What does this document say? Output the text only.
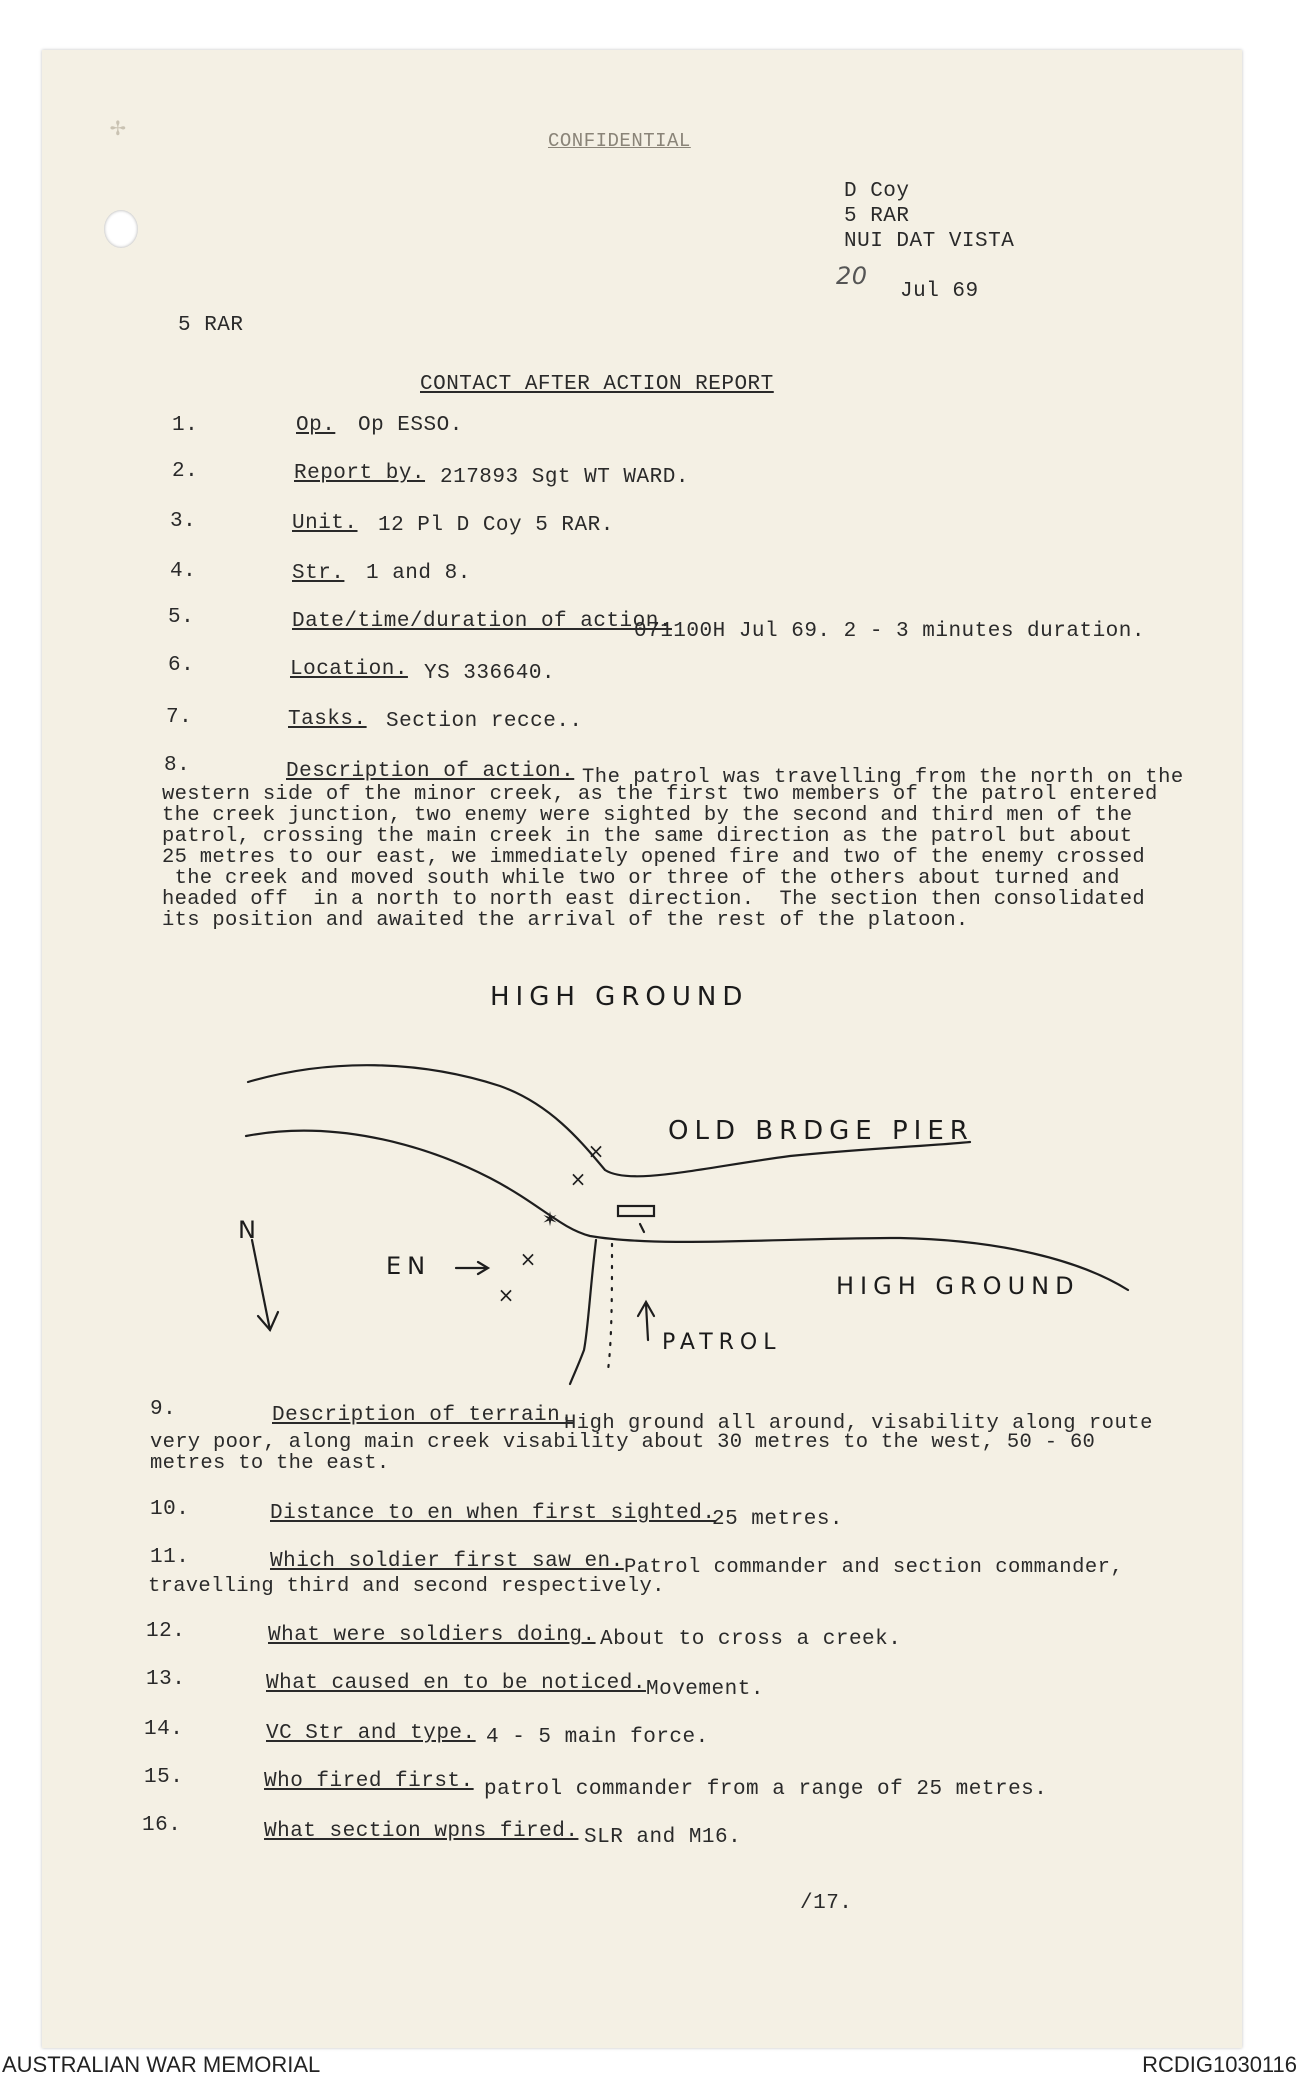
✢	CONFIDENTIAL
D Coy
5 RAR
NUI DAT VISTA
20
Jul 69
5 RAR
CONTACT AFTER ACTION REPORT
1.	Op. Op ESSO.
2.	Report by. 217893 Sgt WT WARD.
3.	Unit. 12 Pl D Coy 5 RAR.
4.	Str. 1 and 8.
5.	Date/time/duration of action.
071100H Jul 69. 2 - 3 minutes duration.
6.	Location. YS 336640.
7.	Tasks. Section recce..
8.	Description of action. The patrol was travelling from the north on the
western side of the minor creek, as the first two members of the patrol entered
the creek junction, two enemy were sighted by the second and third men of the
patrol, crossing the main creek in the same direction as the patrol but about
25 metres to our east, we immediately opened fire and two of the enemy crossed
the creek and moved south while two or three of the others about turned and
headed off  in a north to north east direction.  The section then consolidated
its position and awaited the arrival of the rest of the platoon.
×
×
✶
×
×
HIGH GROUND
OLD BRDGE PIER
HIGH GROUND
EN
PATROL
N
9.	Description of terrain.
High ground all around, visability along route
very poor, along main creek visability about 30 metres to the west, 50 - 60
metres to the east.
10.	Distance to en when first sighted.
25 metres.
11.	Which soldier first saw en. Patrol commander and section commander,
travelling third and second respectively.
12.	What were soldiers doing. About to cross a creek.
13.	What caused en to be noticed. Movement.
14.	VC Str and type. 4 - 5 main force.
15.	Who fired first. patrol commander from a range of 25 metres.
16.	What section wpns fired. SLR and M16.
/17.
AUSTRALIAN WAR MEMORIAL	RCDIG1030116
